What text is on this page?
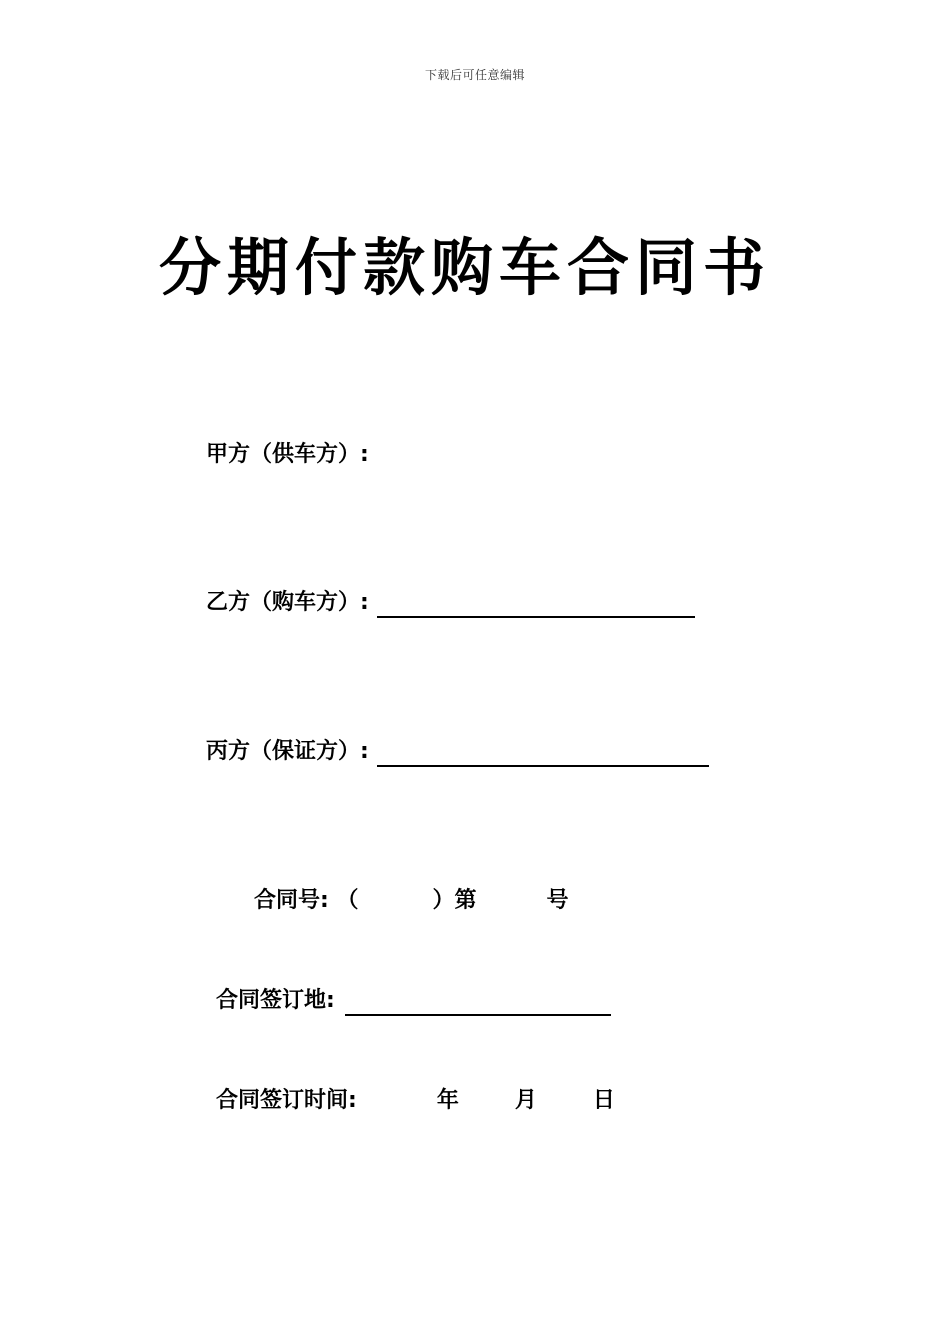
下载后可任意编辑
分期付款购车合同书
甲方（供车方）:
乙方（购车方）:
丙方（保证方）:
合同号: （	）第	号
合同签订地:
合同签订时间:	年	月	日
